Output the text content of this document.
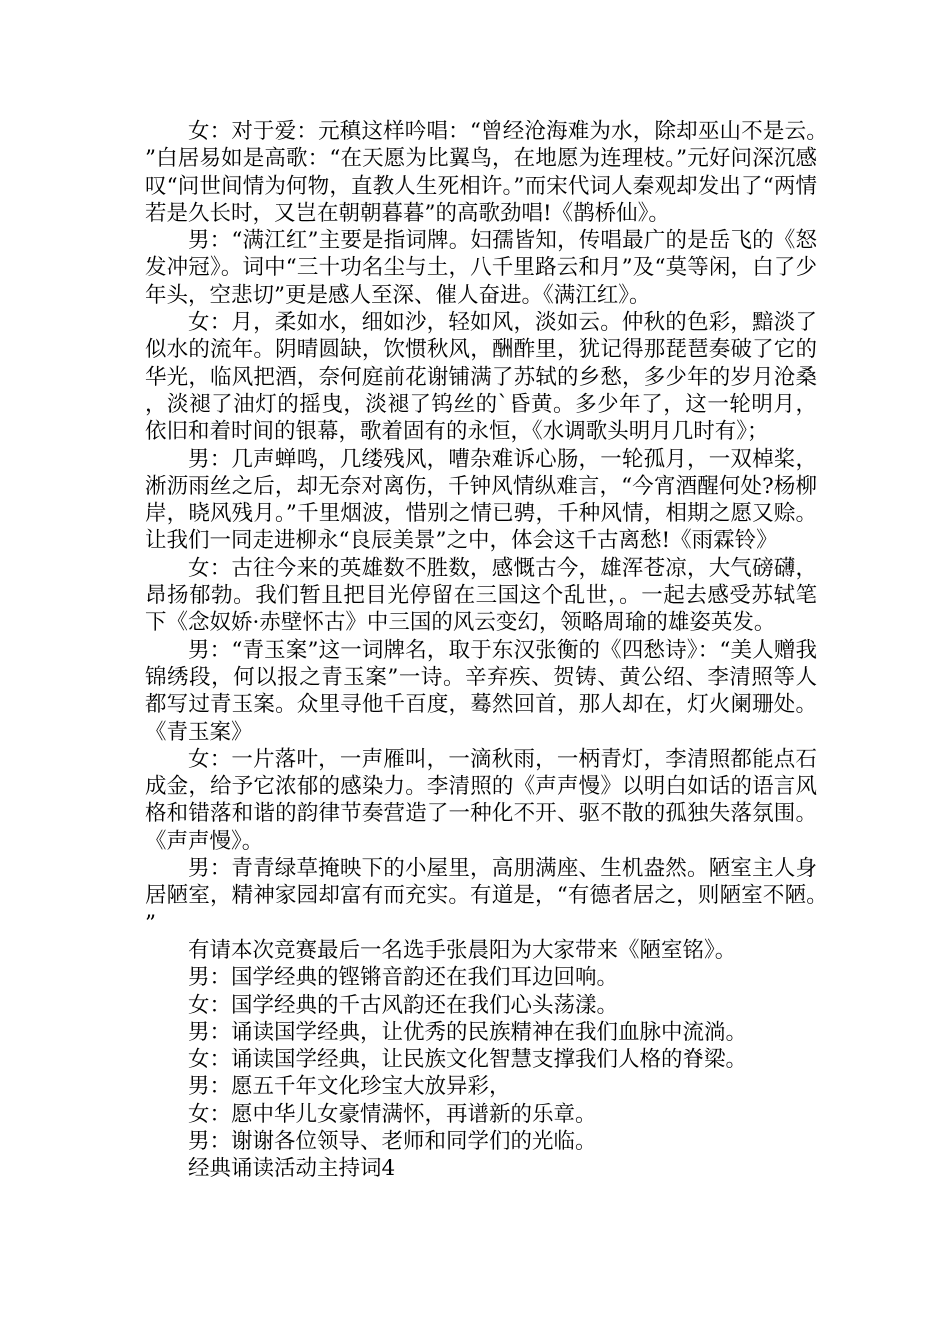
女：对于爱：元稹这样吟唱：“曾经沧海难为水，除却巫山不是云。”白居易如是高歌：“在天愿为比翼鸟，在地愿为连理枝。”元好问深沉感叹“问世间情为何物，直教人生死相许。”而宋代词人秦观却发出了“两情若是久长时，又岂在朝朝暮暮”的高歌劲唱!《鹊桥仙》。

男：“满江红”主要是指词牌。妇孺皆知，传唱最广的是岳飞的《怒发冲冠》。词中“三十功名尘与土，八千里路云和月”及“莫等闲，白了少年头，空悲切”更是感人至深、催人奋进。《满江红》。

女：月，柔如水，细如沙，轻如风，淡如云。仲秋的色彩，黯淡了似水的流年。阴晴圆缺，饮惯秋风，酬酢里，犹记得那琵琶奏破了它的华光，临风把酒，奈何庭前花谢铺满了苏轼的乡愁，多少年的岁月沧桑，淡褪了油灯的摇曳，淡褪了钨丝的`昏黄。多少年了，这一轮明月，依旧和着时间的银幕，歌着固有的永恒，《水调歌头明月几时有》；

男：几声蝉鸣，几缕残风，嘈杂难诉心肠，一轮孤月，一双棹桨，淅沥雨丝之后，却无奈对离伤，千钟风情纵难言，“今宵酒醒何处?杨柳岸，晓风残月。”千里烟波，惜别之情已骋，千种风情，相期之愿又赊。让我们一同走进柳永“良辰美景”之中，体会这千古离愁!《雨霖铃》

女：古往今来的英雄数不胜数，感慨古今，雄浑苍凉，大气磅礴，昂扬郁勃。我们暂且把目光停留在三国这个乱世，。一起去感受苏轼笔下《念奴娇·赤壁怀古》中三国的风云变幻，领略周瑜的雄姿英发。

男：“青玉案”这一词牌名，取于东汉张衡的《四愁诗》：“美人赠我锦绣段，何以报之青玉案”一诗。辛弃疾、贺铸、黄公绍、李清照等人都写过青玉案。众里寻他千百度，蓦然回首，那人却在，灯火阑珊处。《青玉案》

女：一片落叶，一声雁叫，一滴秋雨，一柄青灯，李清照都能点石成金，给予它浓郁的感染力。李清照的《声声慢》以明白如话的语言风格和错落和谐的韵律节奏营造了一种化不开、驱不散的孤独失落氛围。《声声慢》。

男：青青绿草掩映下的小屋里，高朋满座、生机盎然。陋室主人身居陋室，精神家园却富有而充实。有道是，“有德者居之，则陋室不陋。”

有请本次竞赛最后一名选手张晨阳为大家带来《陋室铭》。

男：国学经典的铿锵音韵还在我们耳边回响。

女：国学经典的千古风韵还在我们心头荡漾。

男：诵读国学经典，让优秀的民族精神在我们血脉中流淌。

女：诵读国学经典，让民族文化智慧支撑我们人格的脊梁。

男：愿五千年文化珍宝大放异彩，

女：愿中华儿女豪情满怀，再谱新的乐章。

男：谢谢各位领导、老师和同学们的光临。

经典诵读活动主持词4
